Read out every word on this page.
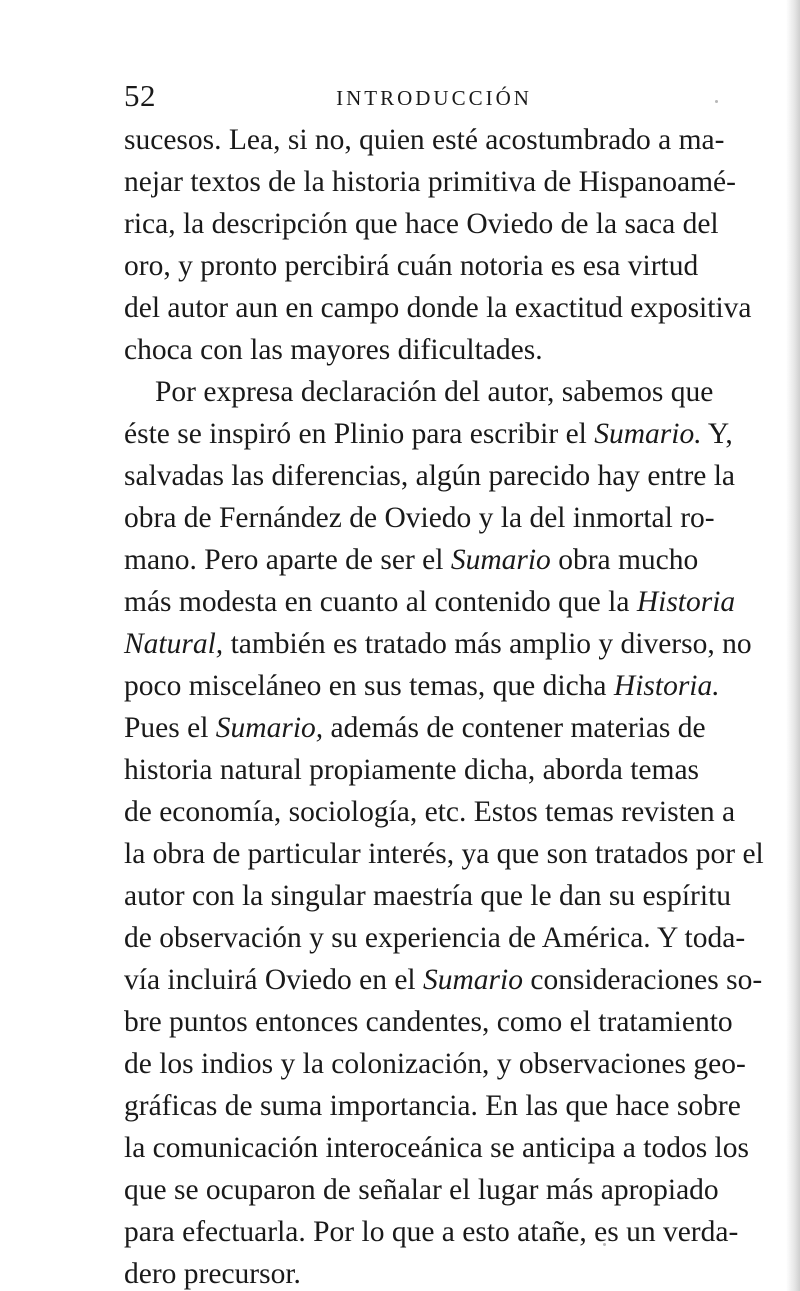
52	INTRODUCCIÓN
sucesos. Lea, si no, quien esté acostumbrado a ma-
nejar textos de la historia primitiva de Hispanoamé-
rica, la descripción que hace Oviedo de la saca del
oro, y pronto percibirá cuán notoria es esa virtud
del autor aun en campo donde la exactitud expositiva
choca con las mayores dificultades.
Por expresa declaración del autor, sabemos que
éste se inspiró en Plinio para escribir el Sumario. Y,
salvadas las diferencias, algún parecido hay entre la
obra de Fernández de Oviedo y la del inmortal ro-
mano. Pero aparte de ser el Sumario obra mucho
más modesta en cuanto al contenido que la Historia
Natural, también es tratado más amplio y diverso, no
poco misceláneo en sus temas, que dicha Historia.
Pues el Sumario, además de contener materias de
historia natural propiamente dicha, aborda temas
de economía, sociología, etc. Estos temas revisten a
la obra de particular interés, ya que son tratados por el
autor con la singular maestría que le dan su espíritu
de observación y su experiencia de América. Y toda-
vía incluirá Oviedo en el Sumario consideraciones so-
bre puntos entonces candentes, como el tratamiento
de los indios y la colonización, y observaciones geo-
gráficas de suma importancia. En las que hace sobre
la comunicación interoceánica se anticipa a todos los
que se ocuparon de señalar el lugar más apropiado
para efectuarla. Por lo que a esto atañe, es un verda-
dero precursor.
